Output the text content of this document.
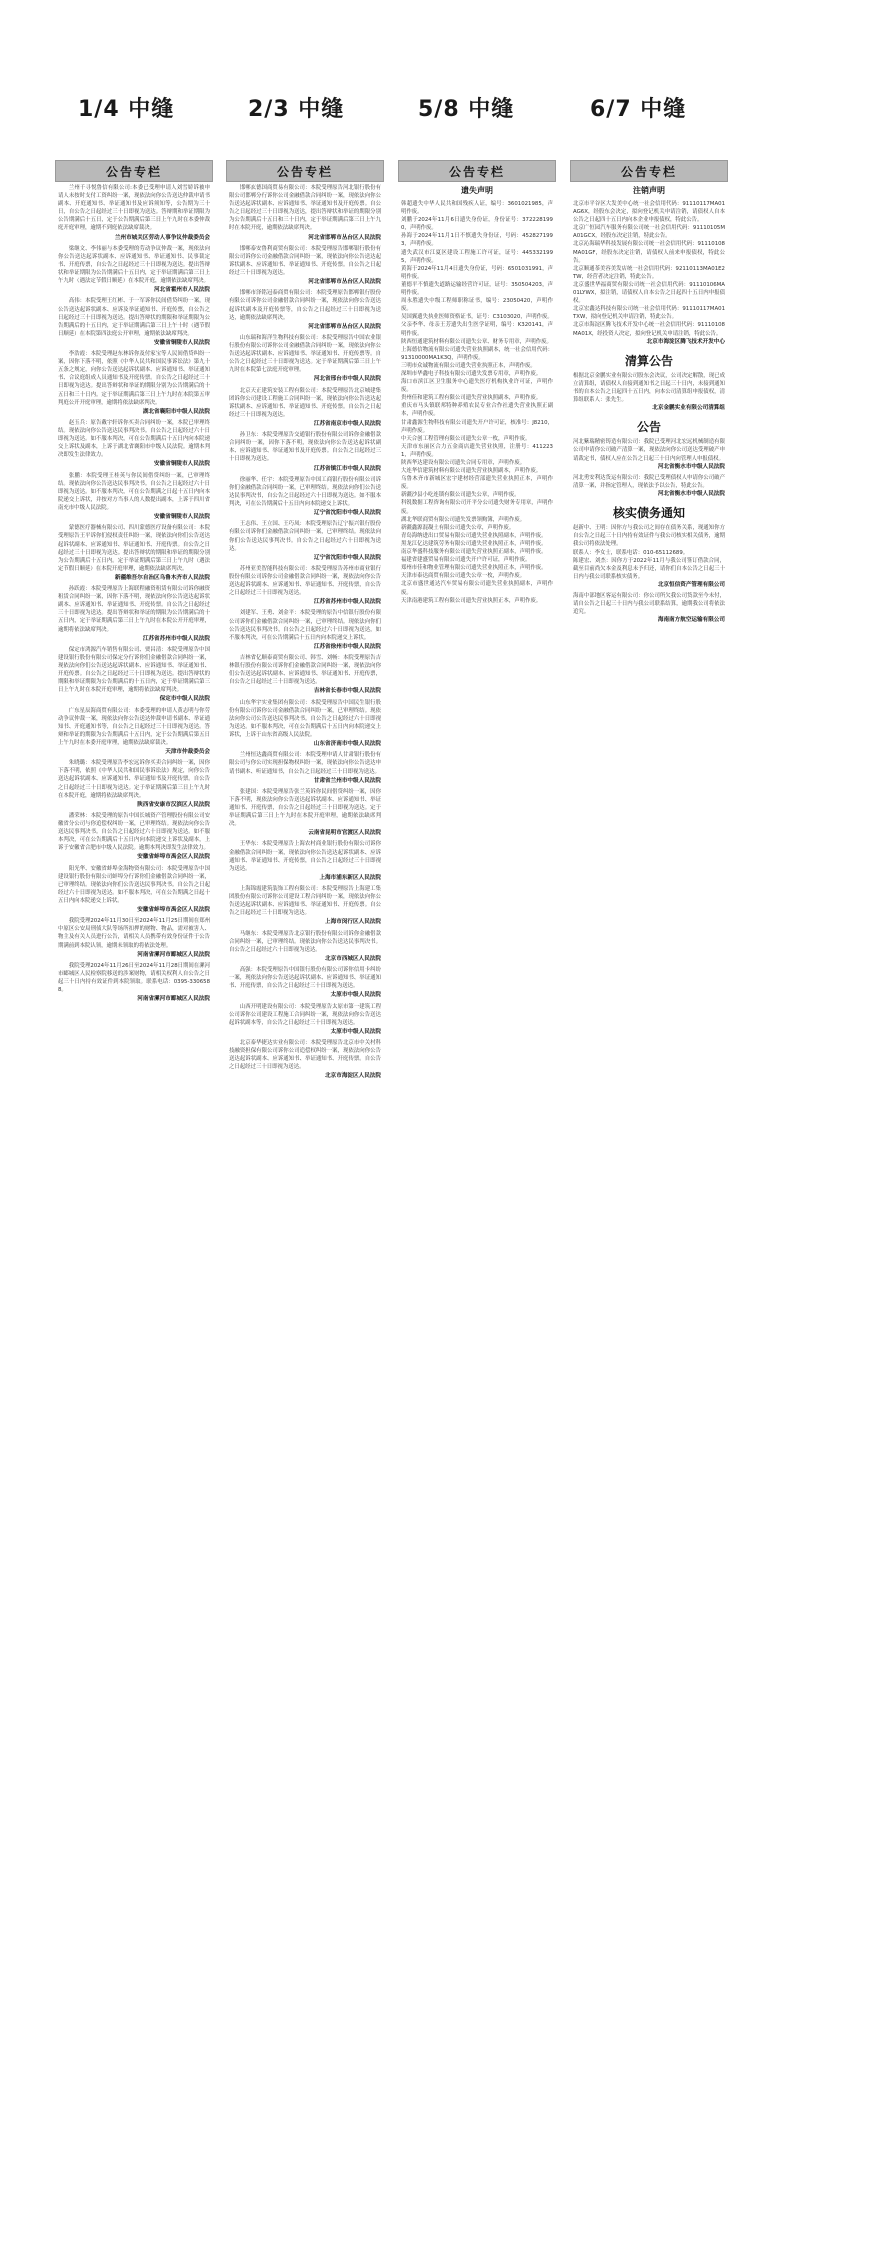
1/4 中缝	2/3 中缝	5/8 中缝	6/7 中缝
公告专栏
兰州千寻悦鲁信有限公司:本委已受理申请人刘雪娇诉被申请人未按时支付工资纠纷一案，现依法向你公告送达仲裁申请书副本、开庭通知书、举证通知书及应诉须知等，公告期为三十日，自公告之日起经过三十日即视为送达。答辩期和举证期限为公告期满后十五日，定于公告期满后第三日上午九时在本委仲裁庭开庭审理，逾期不到庭依法缺席裁决。
兰州市城关区劳动人事争议仲裁委员会
梁继文、李伟丽与本委受理的劳动争议仲裁一案，现依法向你公告送达起诉状副本、应诉通知书、举证通知书、民事裁定书、开庭传票，自公告之日起经过三十日即视为送达。提出答辩状和举证期限为公告期满后十五日内，定于举证期满后第三日上午九时（遇法定节假日顺延）在本院开庭，逾期依法缺席判决。
河北省霍州市人民法院
高伟：本院受理王红彬、于一军诉你民间借贷纠纷一案，现公告送达起诉状副本、应诉及举证通知书、开庭传票，自公告之日起经过三十日即视为送达。提出答辩状的期限和举证期限为公告期满后的十五日内，定于举证期满后第三日上午十时（遇节假日顺延）在本院第四法庭公开审理，逾期依法缺席判决。
安徽省铜陵市人民法院
李浩霞：本院受理赵东林诉你及付家宝等人民间借贷纠纷一案，因你下落不明，依照《中华人民共和国民事诉讼法》第九十五条之规定，向你公告送达起诉状副本、应诉通知书、举证通知书、合议庭组成人员通知书及开庭传票。自公告之日起经过三十日即视为送达。提出答辩状和举证的期限分别为公告期满后的十五日和三十日内。定于举证期满后第三日上午九时在本院第五审判庭公开开庭审理，逾期将依法缺席判决。
湖北省襄阳市中级人民法院
赵玉兵：原告戴宇轩诉你买卖合同纠纷一案，本院已审理终结。现依法向你公告送达民事判决书。自公告之日起经过六十日即视为送达。如不服本判决，可在公告期满后十五日内向本院递交上诉状及副本，上诉于湖北省襄阳市中级人民法院。逾期本判决即发生法律效力。
安徽省铜陵市人民法院
张鹏：本院受理王桂英与你民间借贷纠纷一案，已审理终结。现依法向你公告送达民事判决书。自公告之日起经过六十日即视为送达。如不服本判决，可在公告期满之日起十五日内向本院递交上诉状，并按对方当事人的人数提出副本，上诉于四川省南充市中级人民法院。
安徽省铜陵市人民法院
蒙德医疗器械有限公司、四川蒙德医疗设备有限公司：本院受理原告王平诉你们侵权责任纠纷一案，现依法向你们公告送达起诉状副本、应诉通知书、举证通知书、开庭传票。自公告之日起经过三十日即视为送达。提出答辩状的期限和举证的期限分别为公告期满后十五日内。定于举证期满后第三日上午九时（遇法定节假日顺延）在本院开庭审理，逾期依法缺席判决。
新疆维吾尔自治区乌鲁木齐市人民法院
孙跃霞：本院受理原告上海联程融资租赁有限公司诉你融资租赁合同纠纷一案，因你下落不明，现依法向你公告送达起诉状副本、应诉通知书、举证通知书、开庭传票。自公告之日起经过三十日即视为送达。提出答辩状和举证的期限为公告期满后的十五日内，定于举证期满后第三日上午九时在本院公开开庭审理，逾期将依法缺席判决。
江苏省苏州市中级人民法院
保定市鸿源汽车销售有限公司、贾昌清：本院受理原告中国建设银行股份有限公司保定分行诉你们金融借款合同纠纷一案，现依法向你们公告送达起诉状副本、应诉通知书、举证通知书、开庭传票。自公告之日起经过三十日即视为送达。提出答辩状的期限和举证期限为公告期满后的十五日内，定于举证期满后第三日上午九时在本院开庭审理，逾期将依法缺席判决。
保定市中级人民法院
广东星辰海商贸有限公司：本委受理的申请人黄志明与你劳动争议仲裁一案，现依法向你公告送达仲裁申请书副本、举证通知书、开庭通知书等，自公告之日起经过三十日即视为送达。答辩和举证的期限为公告期满后十五日内，定于公告期满后第五日上午九时在本委开庭审理，逾期依法缺席裁决。
天津市仲裁委员会
朱晓璐：本院受理原告李宏远诉你买卖合同纠纷一案，因你下落不明，依照《中华人民共和国民事诉讼法》规定，向你公告送达起诉状副本、应诉通知书、举证通知书及开庭传票。自公告之日起经过三十日即视为送达。定于举证期满后第三日上午九时在本院开庭，逾期将依法缺席判决。
陕西省安康市汉滨区人民法院
潘荣林：本院受理的原告中国长城资产管理股份有限公司安徽省分公司与你追偿权纠纷一案，已审理终结。现依法向你公告送达民事判决书。自公告之日起经过六十日即视为送达。如不服本判决，可在公告期满后十五日内向本院递交上诉状及副本，上诉于安徽省合肥市中级人民法院。逾期本判决即发生法律效力。
安徽省蚌埠市禹会区人民法院
阳光华、安徽省蚌埠金海物资有限公司：本院受理原告中国建设银行股份有限公司蚌埠分行诉你们金融借款合同纠纷一案，已审理终结。现依法向你们公告送达民事判决书。自公告之日起经过六十日即视为送达。如不服本判决，可在公告期满之日起十五日内向本院递交上诉状。
安徽省蚌埠市禹会区人民法院
我院受理2024年11月30日至2024年11月25日期间在郑州中原区公安局刑侦大队等场所扣押的财物、物品，需对被害人、物主及有关人员进行公告，请相关人员携带有效身份证件于公告期满前到本院认领，逾期未领取的将依法处理。
河南省漯河市郾城区人民法院
我院受理2024年11月26日至2024年11月28日期间在漯河市郾城区人民检察院移送的涉案财物，请相关权利人自公告之日起三十日内持有效证件到本院领取。联系电话：0395-3306588。
河南省漯河市郾城区人民法院
公告专栏
邯郸玄德国商贸易有限公司：本院受理原告河北银行股份有限公司邯郸分行诉你公司金融借款合同纠纷一案，现依法向你公告送达起诉状副本、应诉通知书、举证通知书及开庭传票。自公告之日起经过三十日即视为送达，提出答辩状和举证的期限分别为公告期满后十五日和三十日内，定于举证期满后第三日上午九时在本院开庭，逾期依法缺席判决。
河北省邯郸市丛台区人民法院
邯郸泰安鲁利商贸有限公司：本院受理原告邯郸银行股份有限公司诉你公司金融借款合同纠纷一案，现依法向你公告送达起诉状副本、应诉通知书、举证通知书、开庭传票。自公告之日起经过三十日即视为送达。
河北省邯郸市丛台区人民法院
邯郸市泽铭冠泰商贸有限公司：本院受理原告邯郸银行股份有限公司诉你公司金融借款合同纠纷一案，现依法向你公告送达起诉状副本及开庭传票等，自公告之日起经过三十日即视为送达，逾期依法缺席判决。
河北省邯郸市丛台区人民法院
山东瑞和海洋生物科技有限公司：本院受理原告中国农业银行股份有限公司诉你公司金融借款合同纠纷一案，现依法向你公告送达起诉状副本、应诉通知书、举证通知书、开庭传票等。自公告之日起经过三十日即视为送达。定于举证期满后第三日上午九时在本院第七法庭开庭审理。
河北省邢台市中级人民法院
北京天正建筑安装工程有限公司：本院受理原告北京城建集团诉你公司建设工程施工合同纠纷一案，现依法向你公告送达起诉状副本、应诉通知书、举证通知书、开庭传票。自公告之日起经过三十日即视为送达。
江苏省南京市中级人民法院
孙卫东：本院受理原告交通银行股份有限公司诉你金融借款合同纠纷一案，因你下落不明，现依法向你公告送达起诉状副本、应诉通知书、举证通知书及开庭传票。自公告之日起经过三十日即视为送达。
江苏省镇江市中级人民法院
徐丽华、任宇：本院受理原告中国工商银行股份有限公司诉你们金融借款合同纠纷一案，已审理终结。现依法向你们公告送达民事判决书，自公告之日起经过六十日即视为送达。如不服本判决，可在公告期满后十五日内向本院递交上诉状。
辽宁省沈阳市中级人民法院
王志伟、王立国、王巧凤：本院受理原告辽宁振兴银行股份有限公司诉你们金融借款合同纠纷一案，已审理终结。现依法向你们公告送达民事判决书。自公告之日起经过六十日即视为送达。
辽宁省沈阳市中级人民法院
苏州亚美智能科技有限公司：本院受理原告苏州市商业银行股份有限公司诉你公司金融借款合同纠纷一案，现依法向你公告送达起诉状副本、应诉通知书、举证通知书、开庭传票，自公告之日起经过三十日即视为送达。
江苏省苏州市中级人民法院
刘建军、王勇、刘金平：本院受理的原告中信银行股份有限公司诉你们金融借款合同纠纷一案，已审理终结。现依法向你们公告送达民事判决书。自公告之日起经过六十日即视为送达，如不服本判决，可在公告期满后十五日内向本院递交上诉状。
江苏省徐州市中级人民法院
吉林省亿顺泰商贸有限公司、韩雪、刘畅：本院受理原告吉林银行股份有限公司诉你们金融借款合同纠纷一案，现依法向你们公告送达起诉状副本、应诉通知书、举证通知书、开庭传票，自公告之日起经过三十日即视为送达。
吉林省长春市中级人民法院
山东华宇实业集团有限公司：本院受理原告中国民生银行股份有限公司诉你公司金融借款合同纠纷一案，已审理终结。现依法向你公司公告送达民事判决书。自公告之日起经过六十日即视为送达。如不服本判决，可在公告期满后十五日内向本院递交上诉状，上诉于山东省高级人民法院。
山东省济南市中级人民法院
兰州恒达鑫商贸有限公司：本院受理申请人甘肃银行股份有限公司与你公司实现担保物权纠纷一案，现依法向你公告送达申请书副本、听证通知书，自公告之日起经过三十日即视为送达。
甘肃省兰州市中级人民法院
张建国：本院受理原告张兰英诉你民间借贷纠纷一案，因你下落不明，现依法向你公告送达起诉状副本、应诉通知书、举证通知书、开庭传票，自公告之日起经过三十日即视为送达。定于举证期满后第三日上午九时在本院开庭审理，逾期依法缺席判决。
云南省昆明市官渡区人民法院
王华东：本院受理原告上海农村商业银行股份有限公司诉你金融借款合同纠纷一案，现依法向你公告送达起诉状副本、应诉通知书、举证通知书、开庭传票，自公告之日起经过三十日即视为送达。
上海市浦东新区人民法院
上海锦霞建筑装饰工程有限公司：本院受理原告上海建工集团股份有限公司诉你公司建设工程合同纠纷一案，现依法向你公告送达起诉状副本、应诉通知书、举证通知书、开庭传票。自公告之日起经过三十日即视为送达。
上海市闵行区人民法院
马继东：本院受理原告北京银行股份有限公司诉你金融借款合同纠纷一案，已审理终结。现依法向你公告送达民事判决书。自公告之日起经过六十日即视为送达。
北京市西城区人民法院
高强：本院受理原告中国银行股份有限公司诉你信用卡纠纷一案，现依法向你公告送达起诉状副本、应诉通知书、举证通知书、开庭传票，自公告之日起经过三十日即视为送达。
太原市中级人民法院
山西开明建设有限公司：本院受理原告太原市第一建筑工程公司诉你公司建设工程施工合同纠纷一案，现依法向你公告送达起诉状副本等，自公告之日起经过三十日即视为送达。
太原市中级人民法院
北京泰华捷达实业有限公司：本院受理原告北京市中关村科技融资担保有限公司诉你公司追偿权纠纷一案，现依法向你公告送达起诉状副本、应诉通知书、举证通知书、开庭传票。自公告之日起经过三十日即视为送达。
北京市海淀区人民法院
公告专栏
遗失声明
韩超遗失中华人民共和国残疾人证，编号：3601021985，声明作废。
刘鹏于2024年11月6日遗失身份证，身份证号：3722281990，声明作废。
孙海于2024年11月1日不慎遗失身份证，号码：4528271993，声明作废。
遗失武汉市江夏区建设工程施工许可证，证号：4453321995，声明作废。
黄海于2024年11月4日遗失身份证，号码：6501031991，声明作废。
董德平不慎遗失道路运输经营许可证，证号：350504203，声明作废。
周永胜遗失中级工程师职称证书，编号：23050420，声明作废。
吴国翼遗失执业医师资格证书，证号：C3103020，声明作废。
父亲李华、母亲王芳遗失出生医学证明，编号：K320141，声明作废。
陕西恒通建筑材料有限公司遗失公章、财务专用章，声明作废。
上海德信物流有限公司遗失营业执照副本，统一社会信用代码：91310000MA1K3Q，声明作废。
三明市众诚物流有限公司遗失营业执照正本，声明作废。
深圳市华鑫电子科技有限公司遗失发票专用章，声明作废。
海口市滨江区卫生服务中心遗失医疗机构执业许可证，声明作废。
贵州佳和建筑工程有限公司遗失营业执照副本，声明作废。
重庆市马头镇联邦特种养殖农民专业合作社遗失营业执照正副本，声明作废。
甘肃鑫源生物科技有限公司遗失开户许可证，核准号：J8210，声明作废。
中天合创工程管理有限公司遗失公章一枚，声明作废。
天津市东丽区合力五金商店遗失营业执照，注册号：4112231，声明作废。
陕西华达建设有限公司遗失合同专用章，声明作废。
大连华信建筑材料有限公司遗失营业执照副本，声明作废。
乌鲁木齐市新城区宏宇建材经营部遗失营业执照正本，声明作废。
新疆沙县小吃连锁有限公司遗失公章，声明作废。
科锐数据工程咨询有限公司开平分公司遗失财务专用章，声明作废。
湖北华联商贸有限公司遗失发票领购簿，声明作废。
新疆鑫源混凝土有限公司遗失公章，声明作废。
青岛海纳进出口贸易有限公司遗失营业执照副本，声明作废。
黑龙江亿达建筑劳务有限公司遗失营业执照正本，声明作废。
南京华盛科技服务有限公司遗失营业执照正副本，声明作废。
福建省建盛贸易有限公司遗失开户许可证，声明作废。
郑州市佳和物业管理有限公司遗失营业执照正本，声明作废。
天津市泰达商贸有限公司遗失公章一枚，声明作废。
北京市盛世通达汽车贸易有限公司遗失营业执照副本，声明作废。
天津南港建筑工程有限公司遗失营业执照正本，声明作废。
公告专栏
注销声明
北京市平谷区大发美中心统一社会信用代码：91110117MA01AG6X，经股东会决定，拟向登记机关申请注销，请债权人自本公告之日起四十五日内向本企业申报债权，特此公告。
北京广恒园汽车服务有限公司统一社会信用代码：91110105MA01GCX，经股东决定注销，特此公告。
北京沁海瑞华科技发展有限公司统一社会信用代码：91110108MA01GF，经股东决定注销，请债权人前来申报债权，特此公告。
北京顺通茶美容美发店统一社会信用代码：92110113MA01E2TW，经营者决定注销，特此公告。
北京盛世华福商贸有限公司统一社会信用代码：91110106MA01LYWX，拟注销，请债权人自本公告之日起四十五日内申报债权。
北京宏鑫达科技有限公司统一社会信用代码：91110117MA01TXW，拟向登记机关申请注销，特此公告。
北京市海淀区腾飞技术开发中心统一社会信用代码：91110108MA01X，经投资人决定，拟向登记机关申请注销，特此公告。
北京市海淀区腾飞技术开发中心
清算公告
根据北京金鹏实业有限公司股东会决议，公司决定解散，现已成立清算组，请债权人自接到通知书之日起三十日内，未接到通知书的自本公告之日起四十五日内，向本公司清算组申报债权，清算组联系人：张先生。
北京金鹏实业有限公司清算组
公告
河北紫瑞精密铸造有限公司：我院已受理河北宏远机械制造有限公司申请你公司破产清算一案，现依法向你公司送达受理破产申请裁定书，债权人应在公告之日起三十日内向管理人申报债权。
河北省衡水市中级人民法院
河北勇安利达货运有限公司：我院已受理债权人申请你公司破产清算一案，并指定管理人，现依法予以公告，特此公告。
河北省衡水市中级人民法院
核实债务通知
赵新中、王明：因你方与我公司之间存在债务关系，现通知你方自公告之日起三十日内持有效证件与我公司核实相关债务，逾期我公司将依法处理。
联系人：李女士，联系电话：010-65112689。
陈建宏、刘杰：因你方于2022年11月与我公司签订借款合同，截至目前尚欠本金及利息未予归还，请你们自本公告之日起三十日内与我公司联系核实债务。
北京恒信资产管理有限公司
海南中部地区客运有限公司：你公司所欠我公司货款至今未付，请自公告之日起三十日内与我公司联系结算，逾期我公司将依法追究。
海南南方航空运输有限公司
